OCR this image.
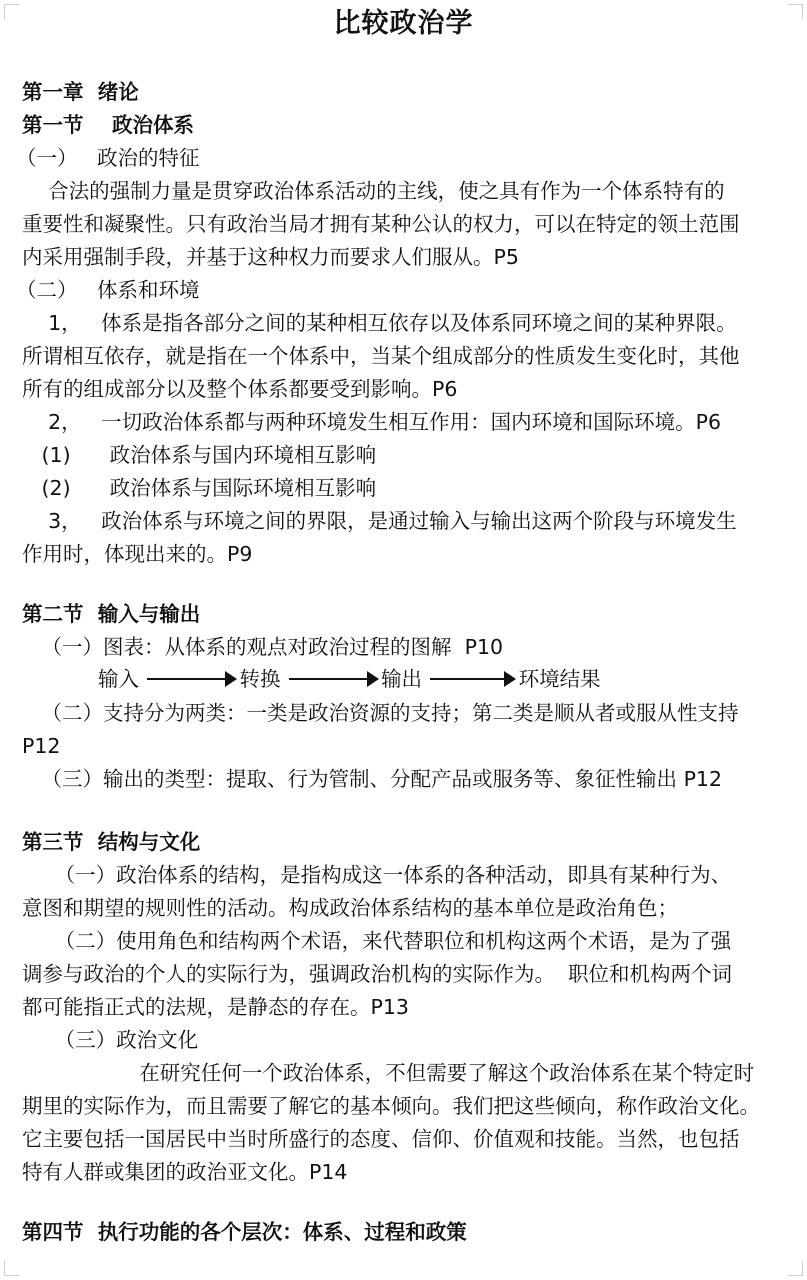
比较政治学
第一章  绪论
第一节    政治体系
（一）   政治的特征
合法的强制力量是贯穿政治体系活动的主线，使之具有作为一个体系特有的
重要性和凝聚性。只有政治当局才拥有某种公认的权力，可以在特定的领土范围
内采用强制手段，并基于这种权力而要求人们服从。P5
（二）   体系和环境
1，   体系是指各部分之间的某种相互依存以及体系同环境之间的某种界限。
所谓相互依存，就是指在一个体系中，当某个组成部分的性质发生变化时，其他
所有的组成部分以及整个体系都要受到影响。P6
2，   一切政治体系都与两种环境发生相互作用：国内环境和国际环境。P6
(1)      政治体系与国内环境相互影响
(2)      政治体系与国际环境相互影响
3，   政治体系与环境之间的界限，是通过输入与输出这两个阶段与环境发生
作用时，体现出来的。P9
第二节  输入与输出
（一）图表：从体系的观点对政治过程的图解  P10
输入	转换	输出	环境结果
（二）支持分为两类：一类是政治资源的支持；第二类是顺从者或服从性支持
P12
（三）输出的类型：提取、行为管制、分配产品或服务等、象征性输出 P12
第三节  结构与文化
（一）政治体系的结构，是指构成这一体系的各种活动，即具有某种行为、
意图和期望的规则性的活动。构成政治体系结构的基本单位是政治角色；
（二）使用角色和结构两个术语，来代替职位和机构这两个术语，是为了强
调参与政治的个人的实际行为，强调政治机构的实际作为。  职位和机构两个词
都可能指正式的法规，是静态的存在。P13
（三）政治文化
在研究任何一个政治体系，不但需要了解这个政治体系在某个特定时
期里的实际作为，而且需要了解它的基本倾向。我们把这些倾向，称作政治文化。
它主要包括一国居民中当时所盛行的态度、信仰、价值观和技能。当然，也包括
特有人群或集团的政治亚文化。P14
第四节  执行功能的各个层次：体系、过程和政策
